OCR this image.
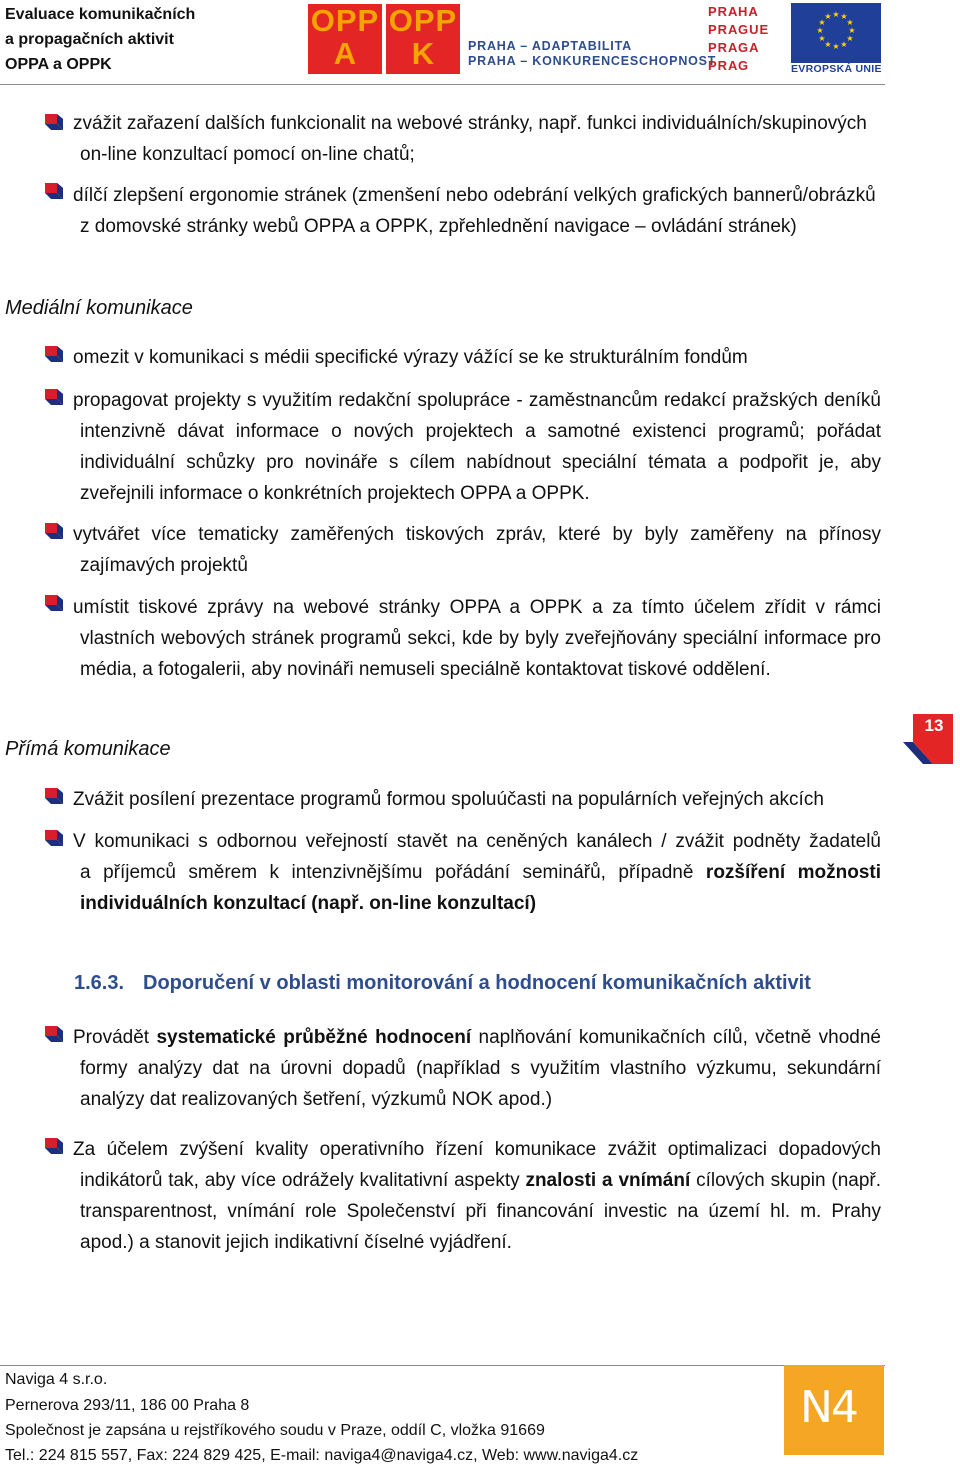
Evaluace komunikačních
a propagačních aktivit
OPPA a OPPK
OPP
A
OPP
K	PRAHA – ADAPTABILITA
PRAHA – KONKURENCESCHOPNOST
PRAHA
PRAGUE
PRAGA
PRAG
★ ★
★
★
★
★
★
★
★
★
★
★
EVROPSKÁ UNIE
zvážit zařazení dalších funkcionalit na webové stránky, např. funkci individuálních/skupinových
on-line konzultací pomocí on-line chatů;
dílčí zlepšení ergonomie stránek (zmenšení nebo odebrání velkých grafických bannerů/obrázků
z domovské stránky webů OPPA a OPPK, zpřehlednění navigace – ovládání stránek)
Mediální komunikace
omezit v komunikaci s médii specifické výrazy vážící se ke strukturálním fondům
propagovat projekty s využitím redakční spolupráce - zaměstnancům redakcí pražských deníků
intenzivně dávat informace o nových projektech a samotné existenci programů; pořádat
individuální schůzky pro novináře s cílem nabídnout speciální témata a podpořit je, aby
zveřejnili informace o konkrétních projektech OPPA a OPPK.
vytvářet více tematicky zaměřených tiskových zpráv, které by byly zaměřeny na přínosy
zajímavých projektů
umístit tiskové zprávy na webové stránky OPPA a OPPK a za tímto účelem zřídit v rámci
vlastních webových stránek programů sekci, kde by byly zveřejňovány speciální informace pro
média, a fotogalerii, aby novináři nemuseli speciálně kontaktovat tiskové oddělení.
Přímá komunikace
13
Zvážit posílení prezentace programů formou spoluúčasti na populárních veřejných akcích
V komunikaci s odbornou veřejností stavět na ceněných kanálech / zvážit podněty žadatelů
a příjemců směrem k intenzivnějšímu pořádání seminářů, případně rozšíření možnosti
individuálních konzultací (např. on-line konzultací)
1.6.3. Doporučení v oblasti monitorování a hodnocení komunikačních aktivit
Provádět systematické průběžné hodnocení naplňování komunikačních cílů, včetně vhodné
formy analýzy dat na úrovni dopadů (například s využitím vlastního výzkumu, sekundární
analýzy dat realizovaných šetření, výzkumů NOK apod.)
Za účelem zvýšení kvality operativního řízení komunikace zvážit optimalizaci dopadových
indikátorů tak, aby více odrážely kvalitativní aspekty znalosti a vnímání cílových skupin (např.
transparentnost, vnímání role Společenství při financování investic na území hl. m. Prahy
apod.) a stanovit jejich indikativní číselné vyjádření.
Naviga 4 s.r.o.
Pernerova 293/11, 186 00 Praha 8
Společnost je zapsána u rejstříkového soudu v Praze, oddíl C, vložka 91669
Tel.: 224 815 557, Fax: 224 829 425, E-mail: naviga4@naviga4.cz, Web: www.naviga4.cz
N4
